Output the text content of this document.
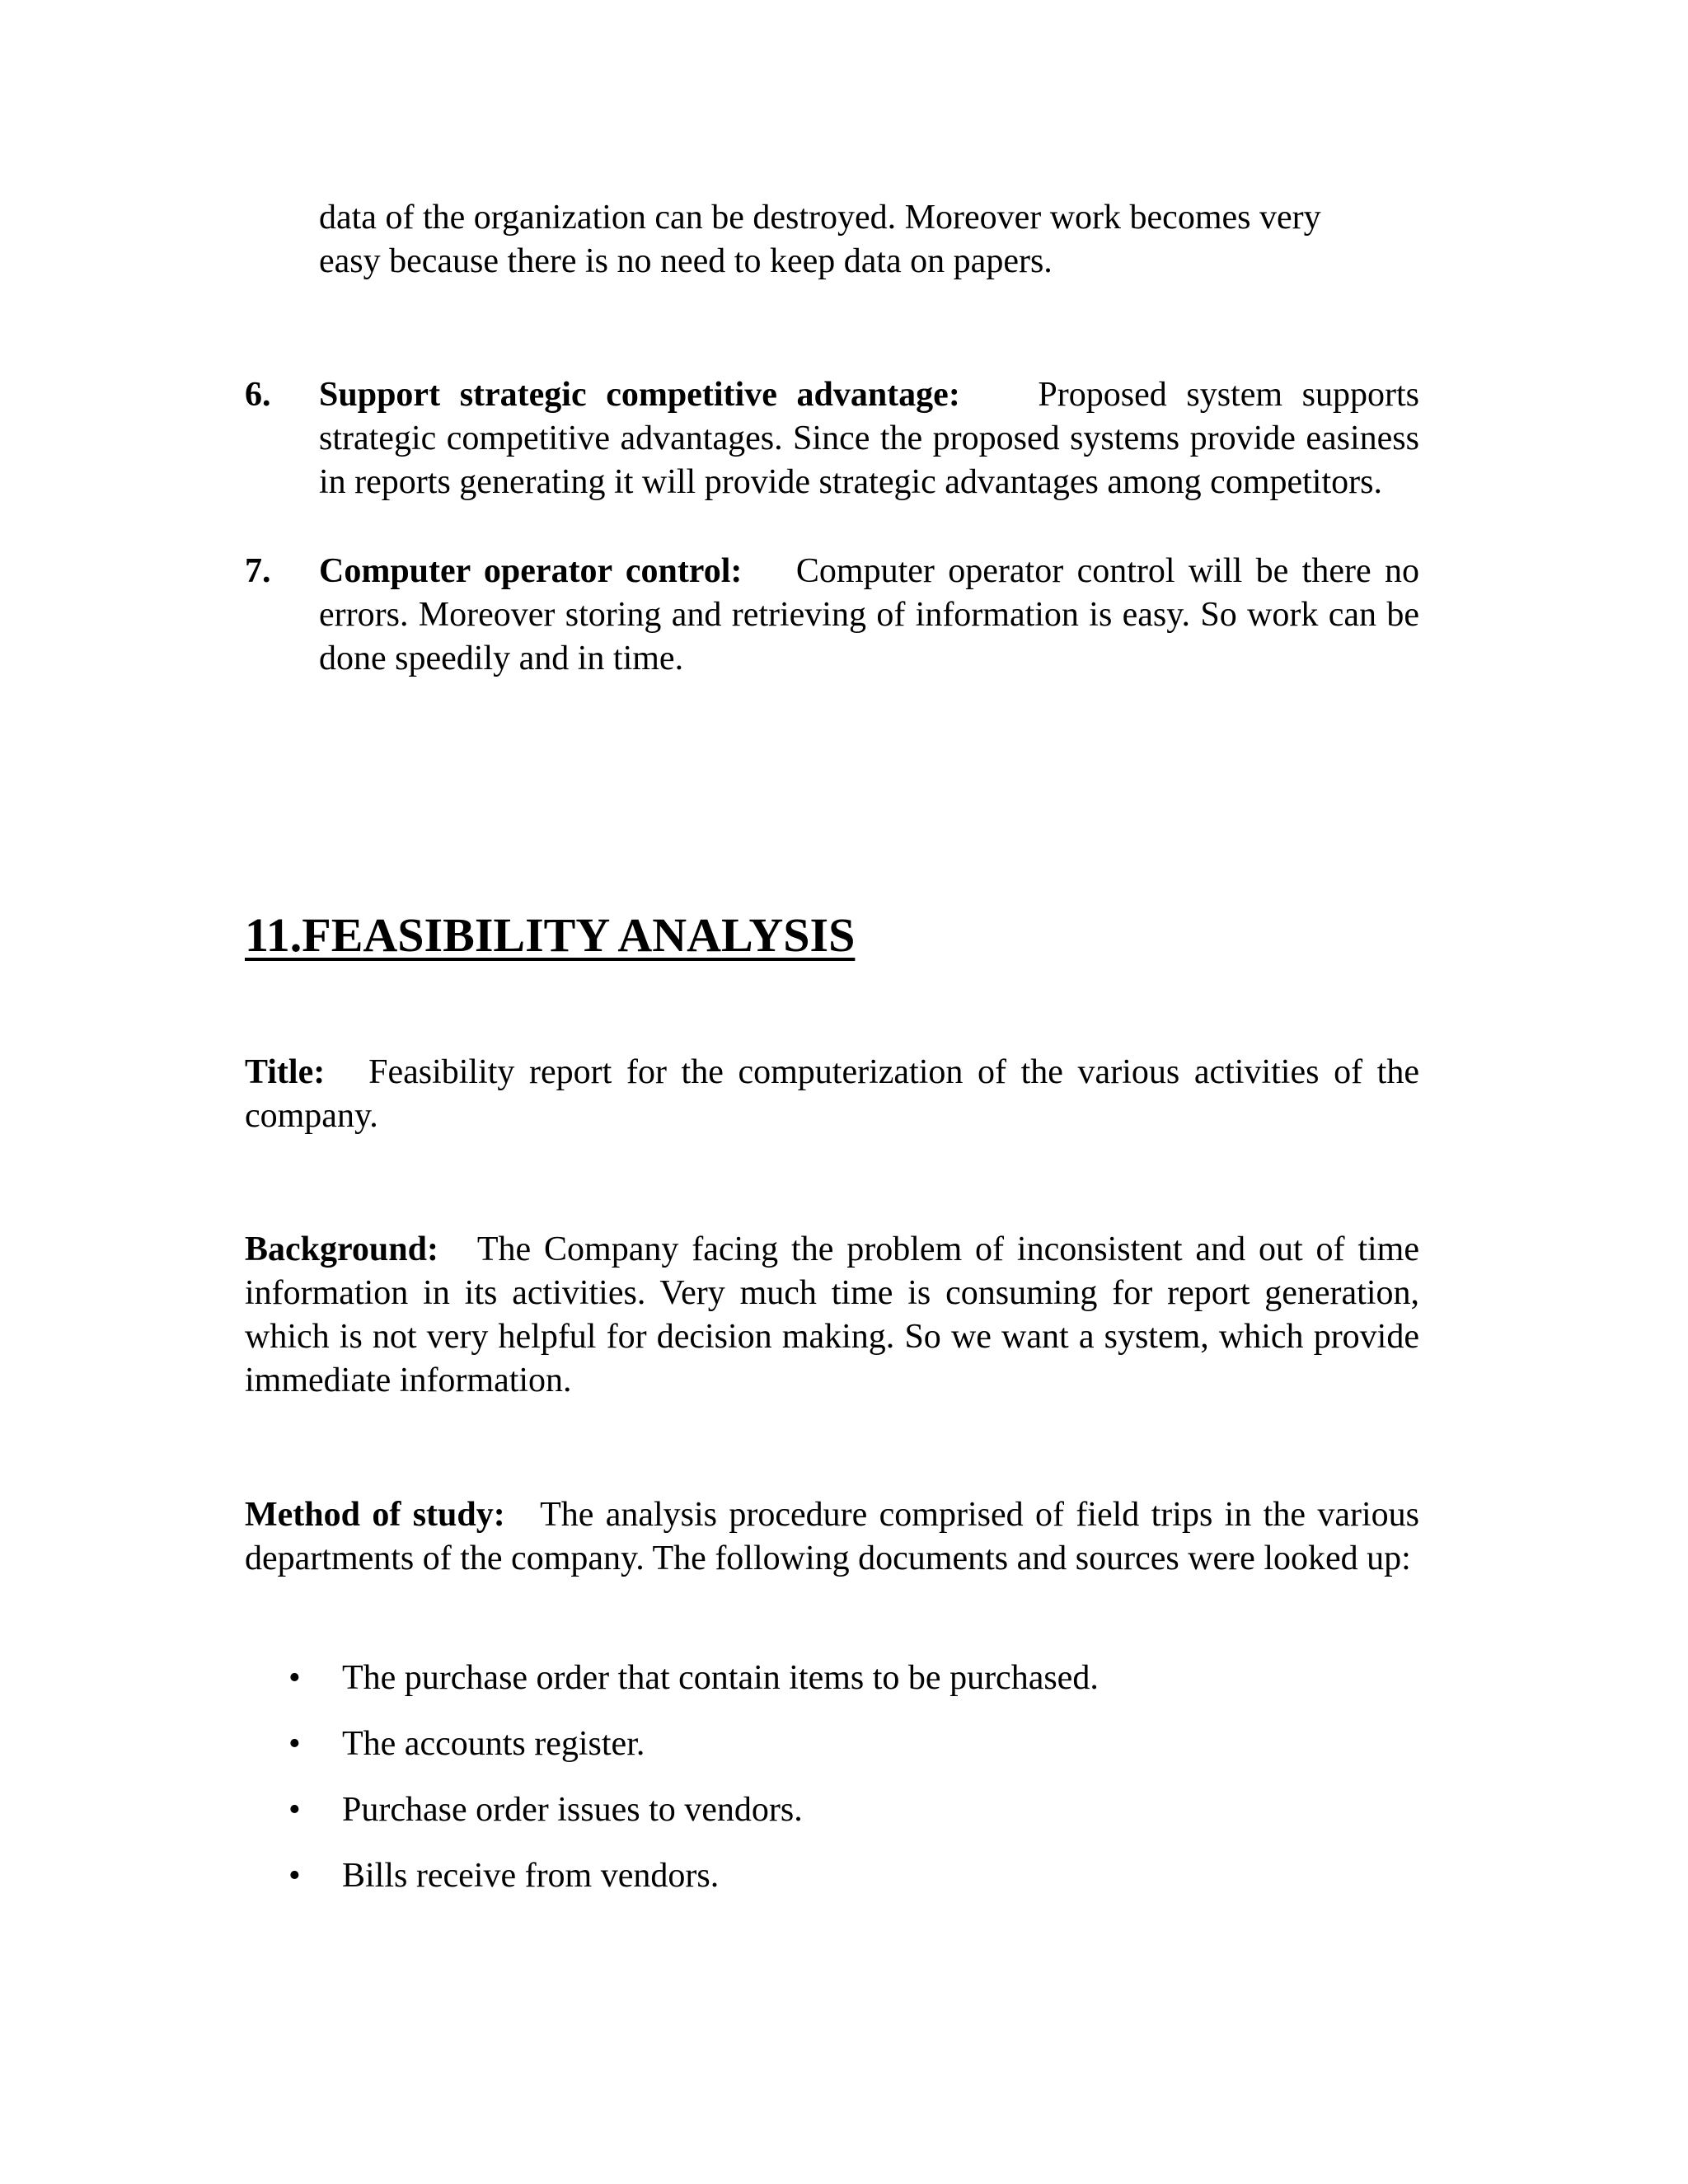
data of the organization can be destroyed. Moreover work becomes very
easy because there is no need to keep data on papers.
6. Support strategic competitive advantage: Proposed system supports strategic competitive advantages. Since the proposed systems provide easiness in reports generating it will provide strategic advantages among competitors.
7. Computer operator control: Computer operator control will be there no errors. Moreover storing and retrieving of information is easy. So work can be done speedily and in time.
11.FEASIBILITY ANALYSIS
Title: Feasibility report for the computerization of the various activities of the company.
Background: The Company facing the problem of inconsistent and out of time information in its activities. Very much time is consuming for report generation, which is not very helpful for decision making. So we want a system, which provide immediate information.
Method of study: The analysis procedure comprised of field trips in the various departments of the company. The following documents and sources were looked up:
• The purchase order that contain items to be purchased.
• The accounts register.
• Purchase order issues to vendors.
• Bills receive from vendors.
